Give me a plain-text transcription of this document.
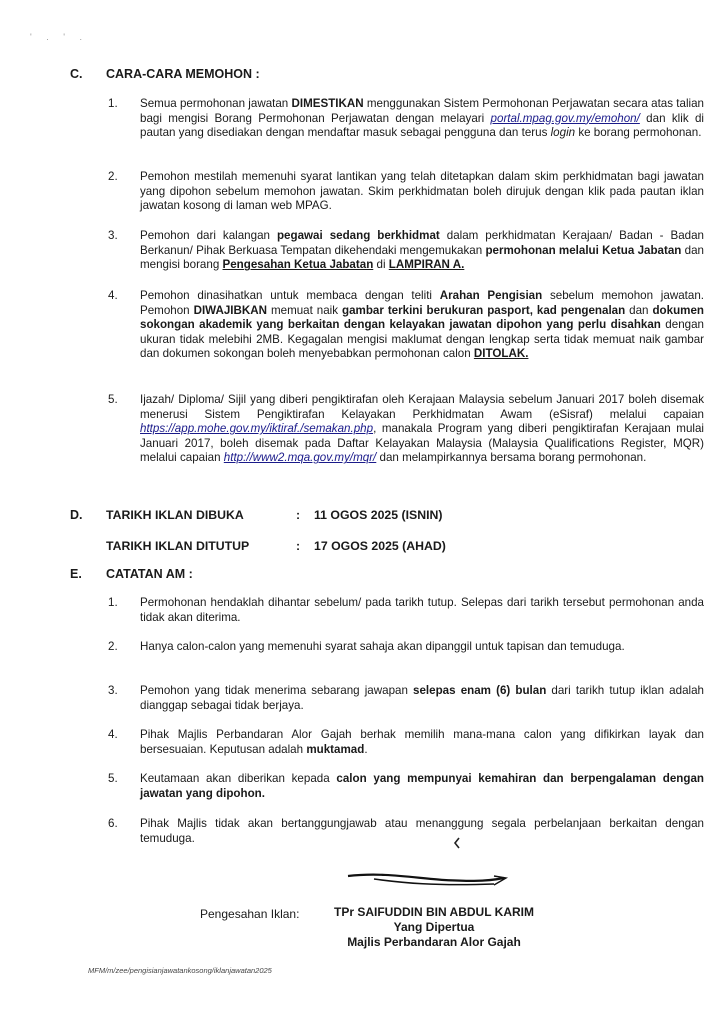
' . ' .
C. CARA-CARA MEMOHON :
1. Semua permohonan jawatan DIMESTIKAN menggunakan Sistem Permohonan Perjawatan secara atas talian bagi mengisi Borang Permohonan Perjawatan dengan melayari portal.mpag.gov.my/emohon/ dan klik di pautan yang disediakan dengan mendaftar masuk sebagai pengguna dan terus login ke borang permohonan.
2. Pemohon mestilah memenuhi syarat lantikan yang telah ditetapkan dalam skim perkhidmatan bagi jawatan yang dipohon sebelum memohon jawatan. Skim perkhidmatan boleh dirujuk dengan klik pada pautan iklan jawatan kosong di laman web MPAG.
3. Pemohon dari kalangan pegawai sedang berkhidmat dalam perkhidmatan Kerajaan/ Badan - Badan Berkanun/ Pihak Berkuasa Tempatan dikehendaki mengemukakan permohonan melalui Ketua Jabatan dan mengisi borang Pengesahan Ketua Jabatan di LAMPIRAN A.
4. Pemohon dinasihatkan untuk membaca dengan teliti Arahan Pengisian sebelum memohon jawatan. Pemohon DIWAJIBKAN memuat naik gambar terkini berukuran pasport, kad pengenalan dan dokumen sokongan akademik yang berkaitan dengan kelayakan jawatan dipohon yang perlu disahkan dengan ukuran tidak melebihi 2MB. Kegagalan mengisi maklumat dengan lengkap serta tidak memuat naik gambar dan dokumen sokongan boleh menyebabkan permohonan calon DITOLAK.
5. Ijazah/ Diploma/ Sijil yang diberi pengiktirafan oleh Kerajaan Malaysia sebelum Januari 2017 boleh disemak menerusi Sistem Pengiktirafan Kelayakan Perkhidmatan Awam (eSisraf) melalui capaian https://app.mohe.gov.my/iktiraf./semakan.php, manakala Program yang diberi pengiktirafan Kerajaan mulai Januari 2017, boleh disemak pada Daftar Kelayakan Malaysia (Malaysia Qualifications Register, MQR) melalui capaian http://www2.mqa.gov.my/mqr/ dan melampirkannya bersama borang permohonan.
D. TARIKH IKLAN DIBUKA	: 11 OGOS 2025 (ISNIN)
TARIKH IKLAN DITUTUP	: 17 OGOS 2025 (AHAD)
E. CATATAN AM :
1. Permohonan hendaklah dihantar sebelum/ pada tarikh tutup. Selepas dari tarikh tersebut permohonan anda tidak akan diterima.
2. Hanya calon-calon yang memenuhi syarat sahaja akan dipanggil untuk tapisan dan temuduga.
3. Pemohon yang tidak menerima sebarang jawapan selepas enam (6) bulan dari tarikh tutup iklan adalah dianggap sebagai tidak berjaya.
4. Pihak Majlis Perbandaran Alor Gajah berhak memilih mana-mana calon yang difikirkan layak dan bersesuaian. Keputusan adalah muktamad.
5. Keutamaan akan diberikan kepada calon yang mempunyai kemahiran dan berpengalaman dengan jawatan yang dipohon.
6. Pihak Majlis tidak akan bertanggungjawab atau menanggung segala perbelanjaan berkaitan dengan temuduga.
Pengesahan Iklan:	TPr SAIFUDDIN BIN ABDUL KARIM
Yang Dipertua
Majlis Perbandaran Alor Gajah
MFM/m/zee/pengisianjawatankosong/iklanjawatan2025
